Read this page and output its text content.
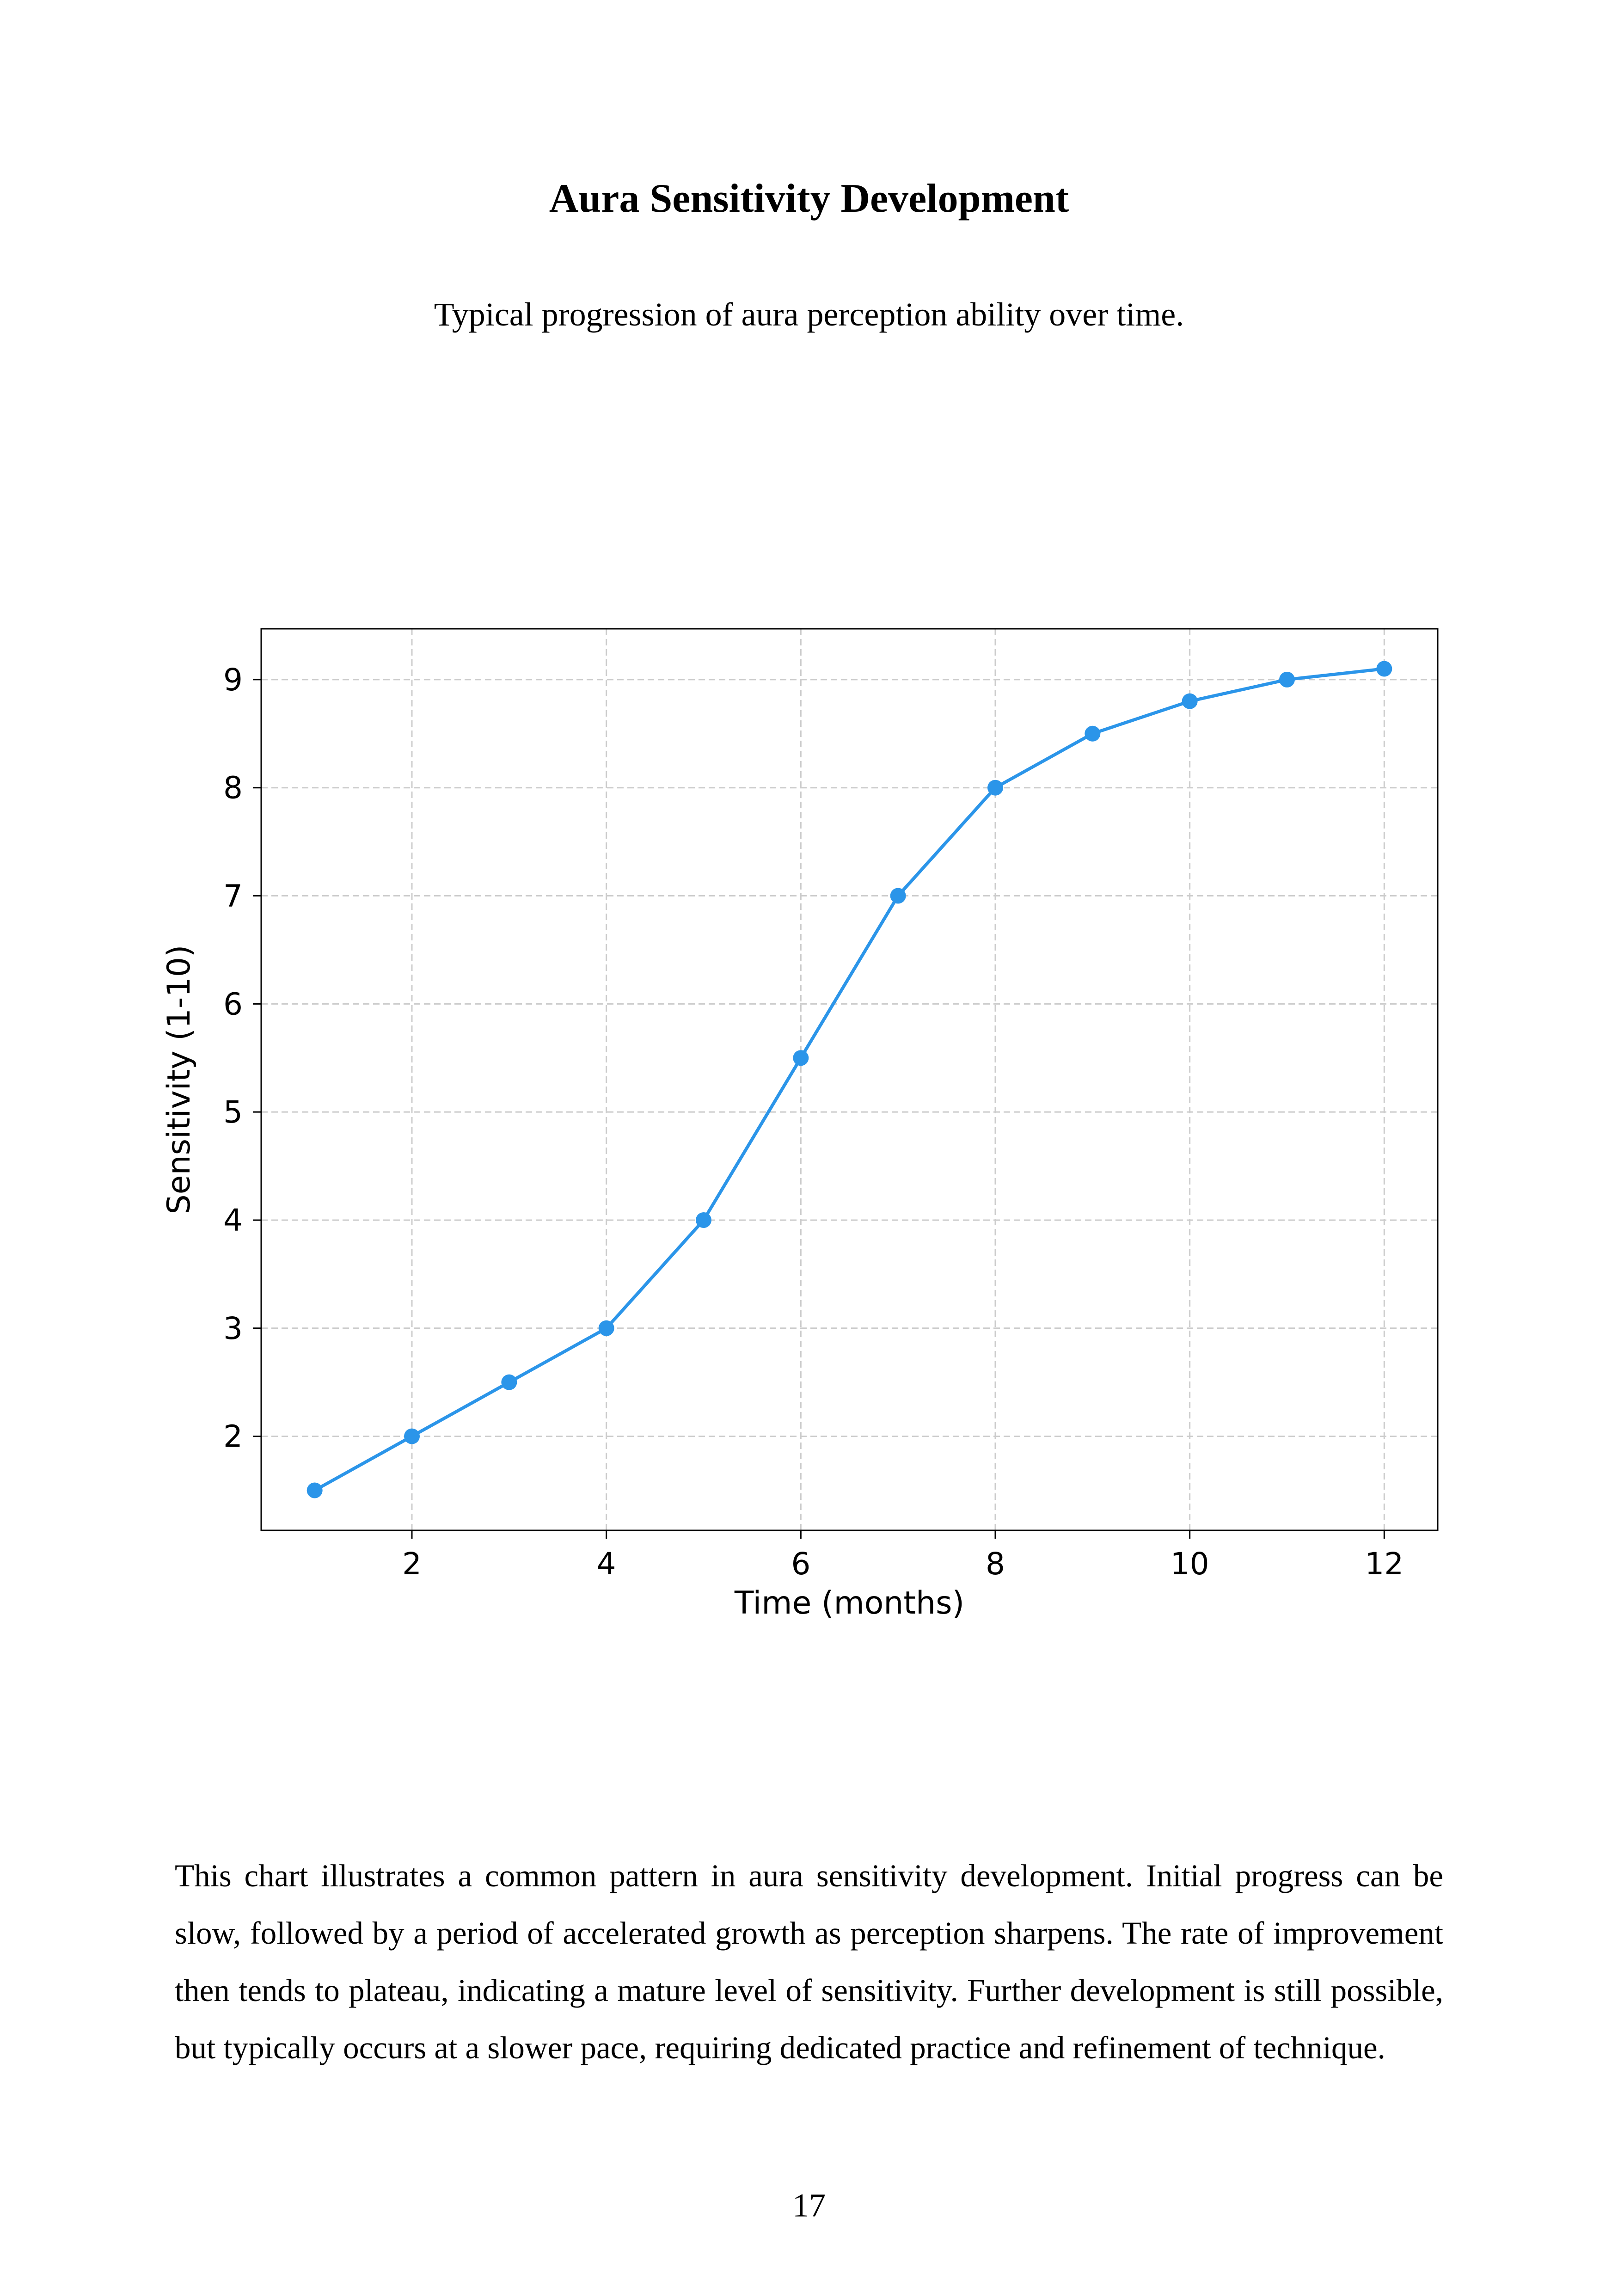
Aura Sensitivity Development

Typical progression of aura perception ability over time.

2	4	6	8	10	12
2
3
4
5
6
7
8
9
Time (months)
Sensitivity (1-10)

This chart illustrates a common pattern in aura sensitivity development. Initial progress can be slow, followed by a period of accelerated growth as perception sharpens. The rate of improvement then tends to plateau, indicating a mature level of sensitivity. Further development is still possible, but typically occurs at a slower pace, requiring dedicated practice and refinement of technique.

17
